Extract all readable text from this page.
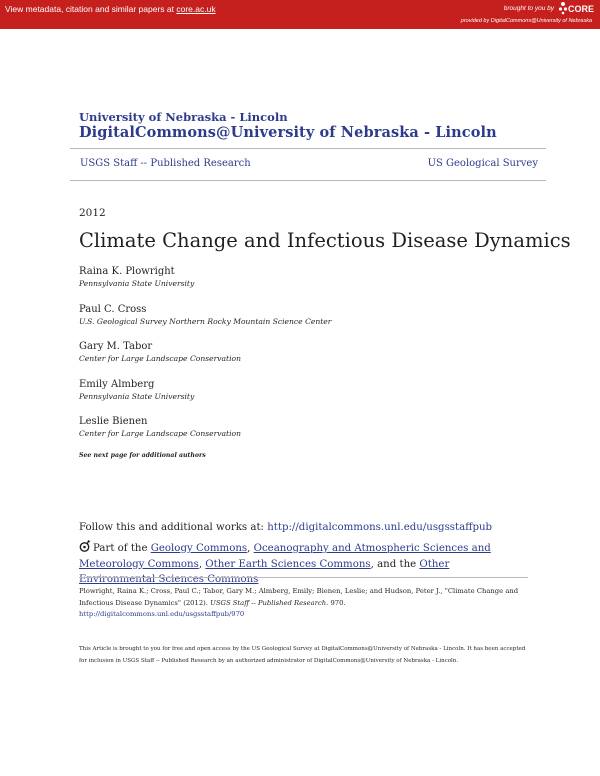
View metadata, citation and similar papers at core.ac.uk	brought to you by CORE
provided by DigitalCommons@University of Nebraska
University of Nebraska - Lincoln
DigitalCommons@University of Nebraska - Lincoln
USGS Staff -- Published Research	US Geological Survey
2012
Climate Change and Infectious Disease Dynamics
Raina K. Plowright
Pennsylvania State University
Paul C. Cross
U.S. Geological Survey Northern Rocky Mountain Science Center
Gary M. Tabor
Center for Large Landscape Conservation
Emily Almberg
Pennsylvania State University
Leslie Bienen
Center for Large Landscape Conservation
See next page for additional authors
Follow this and additional works at: http://digitalcommons.unl.edu/usgsstaffpub
Part of the Geology Commons, Oceanography and Atmospheric Sciences and Meteorology Commons, Other Earth Sciences Commons, and the Other Environmental Sciences Commons
Plowright, Raina K.; Cross, Paul C.; Tabor, Gary M.; Almberg, Emily; Bienen, Leslie; and Hudson, Peter J., "Climate Change and Infectious Disease Dynamics" (2012). USGS Staff -- Published Research. 970.
http://digitalcommons.unl.edu/usgsstaffpub/970
This Article is brought to you for free and open access by the US Geological Survey at DigitalCommons@University of Nebraska - Lincoln. It has been accepted for inclusion in USGS Staff -- Published Research by an authorized administrator of DigitalCommons@University of Nebraska - Lincoln.
